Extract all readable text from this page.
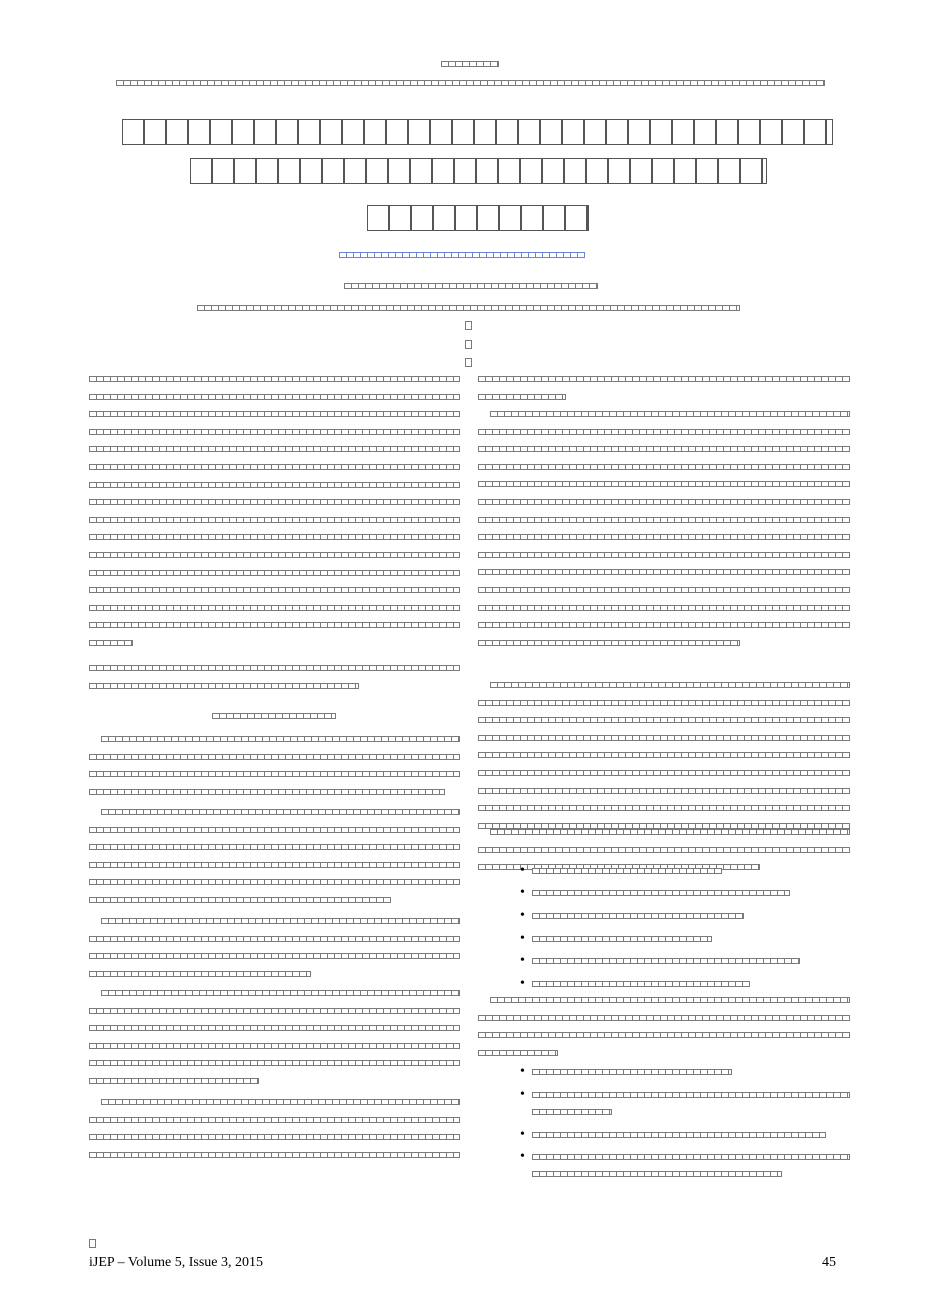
•
•
•
•
•
•
•
•
•
•
iJEP – Volume 5, Issue 3, 2015	45
